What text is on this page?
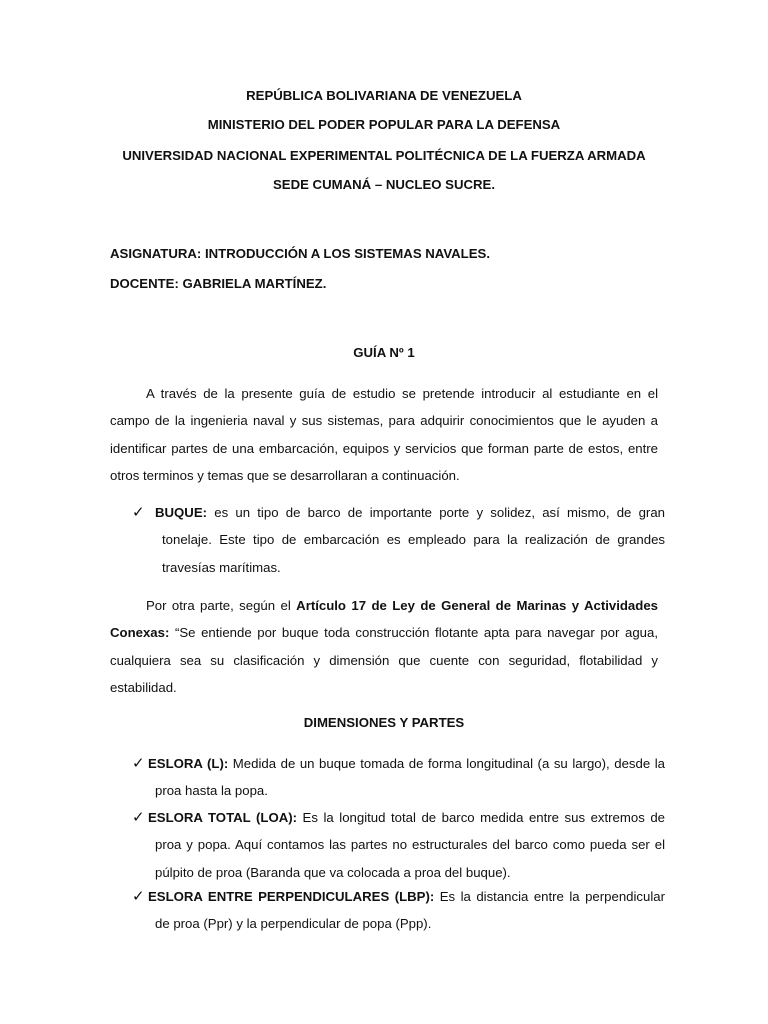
REPÚBLICA BOLIVARIANA DE VENEZUELA
MINISTERIO DEL PODER POPULAR PARA LA DEFENSA
UNIVERSIDAD NACIONAL EXPERIMENTAL POLITÉCNICA DE LA FUERZA ARMADA
SEDE CUMANÁ – NUCLEO SUCRE.
ASIGNATURA: INTRODUCCIÓN A LOS SISTEMAS NAVALES.
DOCENTE: GABRIELA MARTÍNEZ.
GUÍA Nº 1

A través de la presente guía de estudio se pretende introducir al estudiante en el campo de la ingenieria naval y sus sistemas, para adquirir conocimientos que le ayuden a identificar partes de una embarcación, equipos y servicios que forman parte de estos, entre otros terminos y temas que se desarrollaran a continuación.

✓ BUQUE: es un tipo de barco de importante porte y solidez, así mismo, de gran tonelaje. Este tipo de embarcación es empleado para la realización de grandes travesías marítimas.

Por otra parte, según el Artículo 17 de Ley de General de Marinas y Actividades Conexas: “Se entiende por buque toda construcción flotante apta para navegar por agua, cualquiera sea su clasificación y dimensión que cuente con seguridad, flotabilidad y estabilidad.

DIMENSIONES Y PARTES
✓ ESLORA (L): Medida de un buque tomada de forma longitudinal (a su largo), desde la proa hasta la popa.

✓ ESLORA TOTAL (LOA): Es la longitud total de barco medida entre sus extremos de proa y popa. Aquí contamos las partes no estructurales del barco como pueda ser el púlpito de proa (Baranda que va colocada a proa del buque).

✓ ESLORA ENTRE PERPENDICULARES (LBP): Es la distancia entre la perpendicular de proa (Ppr) y la perpendicular de popa (Ppp).
